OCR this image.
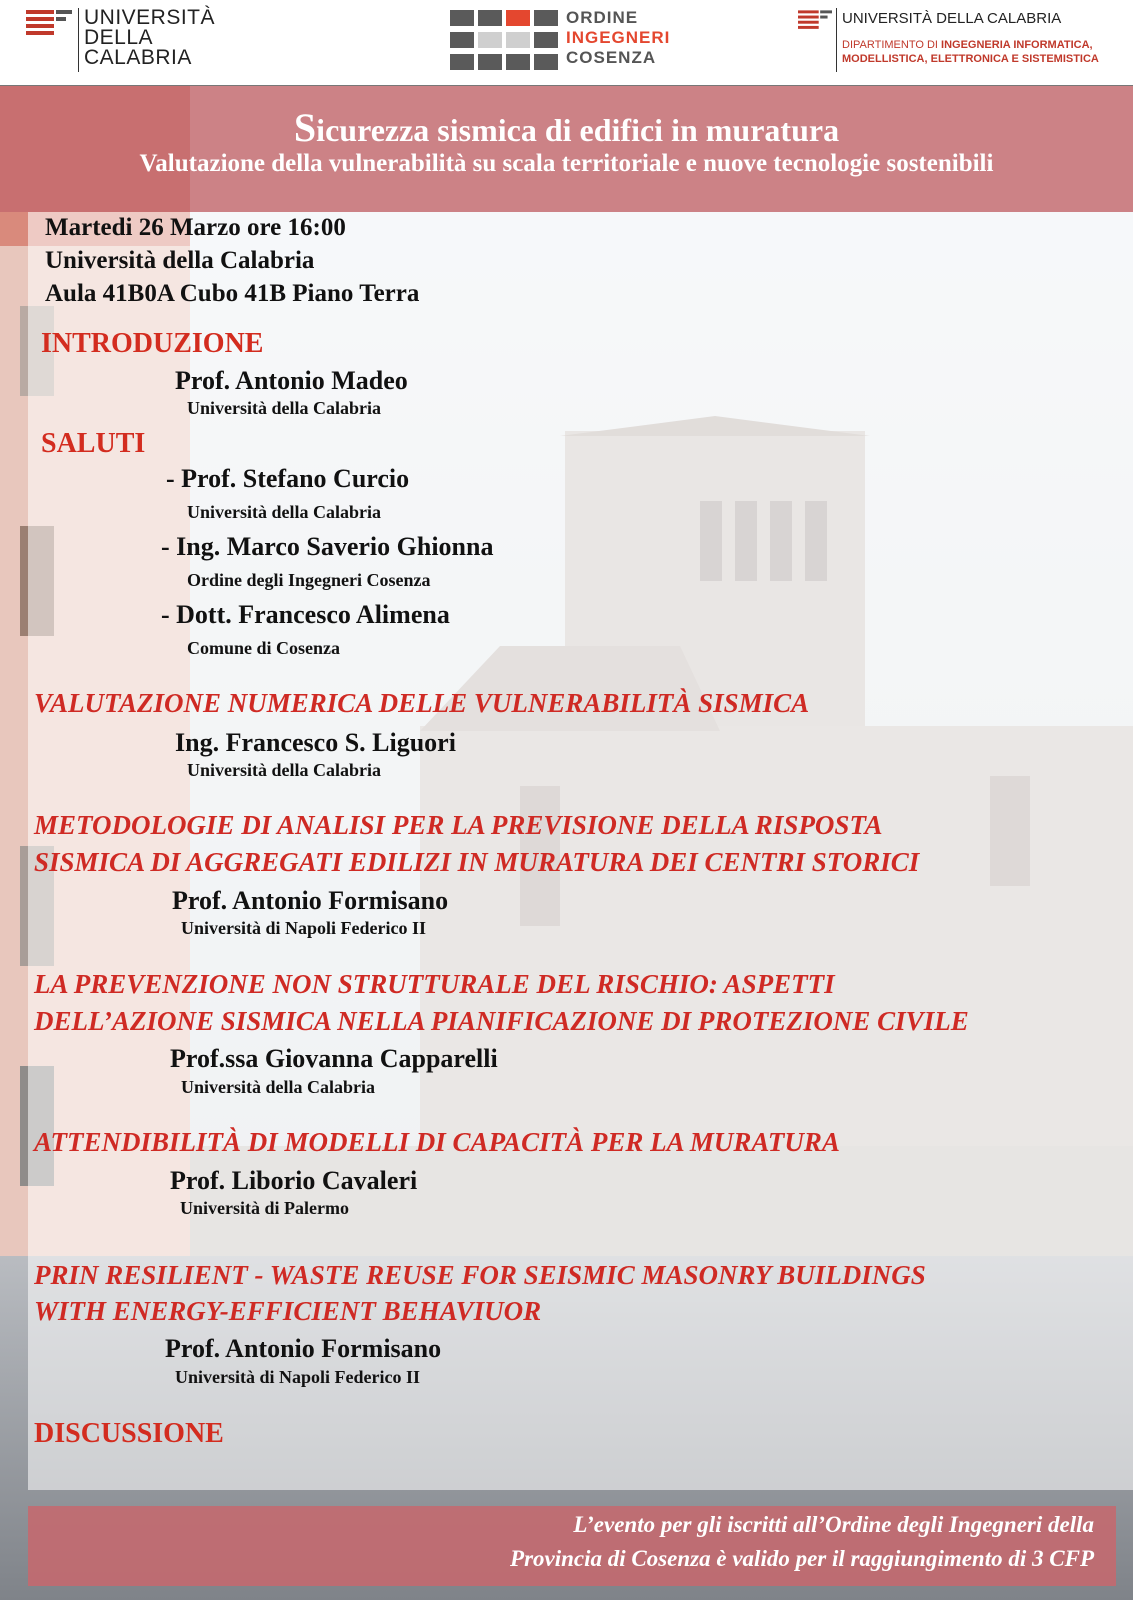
UNIVERSITÀ
DELLA
CALABRIA
ORDINE
INGEGNERI
COSENZA
UNIVERSITÀ DELLA CALABRIA
DIPARTIMENTO DI INGEGNERIA INFORMATICA,
MODELLISTICA, ELETTRONICA E SISTEMISTICA
Sicurezza sismica di edifici in muratura
Valutazione della vulnerabilità su scala territoriale e nuove tecnologie sostenibili
Martedi 26 Marzo ore 16:00
Università della Calabria
Aula 41B0A Cubo 41B Piano Terra
INTRODUZIONE
Prof. Antonio Madeo
Università della Calabria
SALUTI
- Prof. Stefano Curcio
Università della Calabria
- Ing. Marco Saverio Ghionna
Ordine degli Ingegneri Cosenza
- Dott. Francesco Alimena
Comune di Cosenza
VALUTAZIONE NUMERICA DELLE VULNERABILITÀ SISMICA
Ing. Francesco S. Liguori
Università della Calabria
METODOLOGIE DI ANALISI PER LA PREVISIONE DELLA RISPOSTA
SISMICA DI AGGREGATI EDILIZI IN MURATURA DEI CENTRI STORICI
Prof. Antonio Formisano
Università di Napoli Federico II
LA PREVENZIONE NON STRUTTURALE DEL RISCHIO: ASPETTI
DELL’AZIONE SISMICA NELLA PIANIFICAZIONE DI PROTEZIONE CIVILE
Prof.ssa Giovanna Capparelli
Università della Calabria
ATTENDIBILITÀ DI MODELLI DI CAPACITÀ PER LA MURATURA
Prof. Liborio Cavaleri
Università di Palermo
PRIN RESILIENT - WASTE REUSE FOR SEISMIC MASONRY BUILDINGS
WITH ENERGY-EFFICIENT BEHAVIUOR
Prof. Antonio Formisano
Università di Napoli Federico II
DISCUSSIONE
L’evento per gli iscritti all’Ordine degli Ingegneri della
Provincia di Cosenza è valido per il raggiungimento di 3 CFP
